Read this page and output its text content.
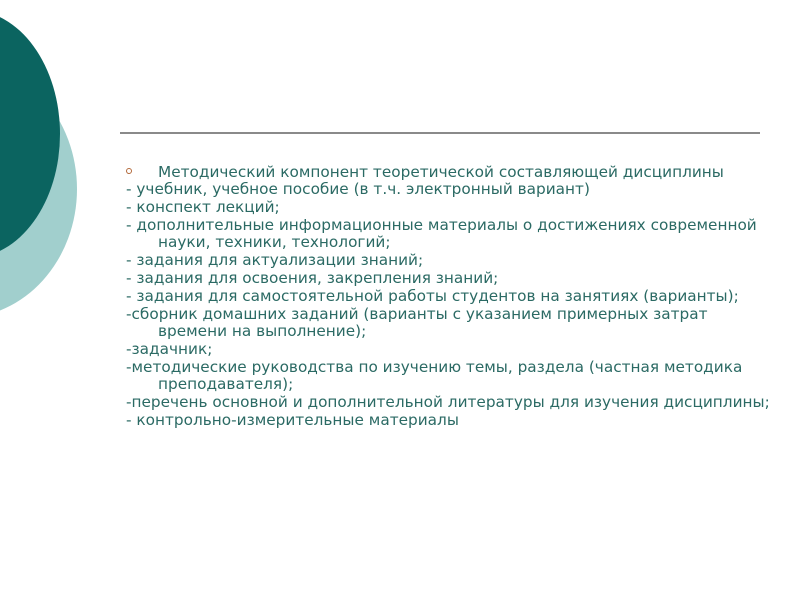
Методический компонент теоретической составляющей дисциплины
- учебник, учебное пособие (в т.ч. электронный вариант)
- конспект лекций;
- дополнительные информационные материалы о достижениях современной науки, техники, технологий;
- задания для актуализации знаний;
- задания для освоения, закрепления знаний;
- задания для самостоятельной работы студентов на занятиях (варианты);
-сборник домашних заданий (варианты с указанием примерных затрат времени на выполнение);
-задачник;
-методические руководства по изучению темы, раздела (частная методика преподавателя);
-перечень основной и дополнительной литературы для изучения дисциплины;
- контрольно-измерительные материалы
